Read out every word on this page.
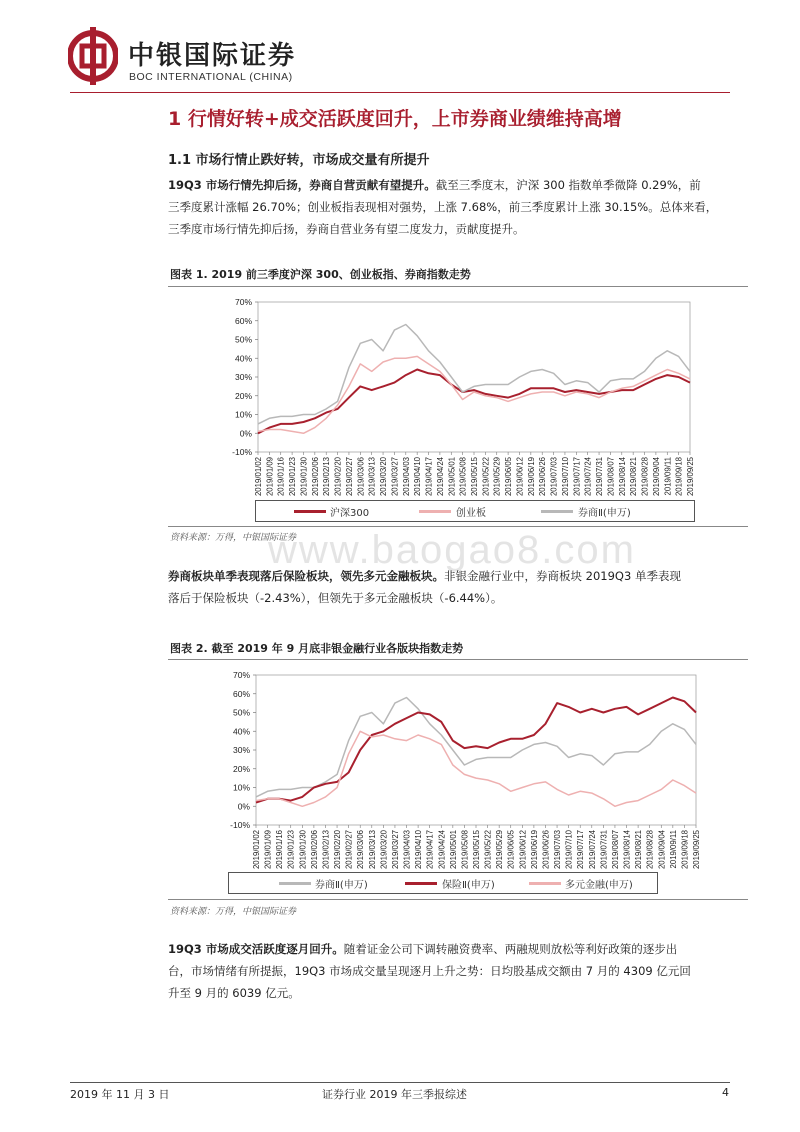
中银国际证券
BOC INTERNATIONAL (CHINA)
1 行情好转+成交活跃度回升，上市券商业绩维持高增
1.1 市场行情止跌好转，市场成交量有所提升
19Q3 市场行情先抑后扬，券商自营贡献有望提升。截至三季度末，沪深 300 指数单季微降 0.29%，前
三季度累计涨幅 26.70%；创业板指表现相对强势，上涨 7.68%，前三季度累计上涨 30.15%。总体来看，
三季度市场行情先抑后扬，券商自营业务有望二度发力，贡献度提升。
图表 1. 2019 前三季度沪深 300、创业板指、券商指数走势
70%
60%
50%
40%
30%
20%
10%
0%
-10%
2019/01/02 2019/01/09 2019/01/16 2019/01/23 2019/01/30 2019/02/06 2019/02/13 2019/02/20 2019/02/27 2019/03/06 2019/03/13 2019/03/20 2019/03/27 2019/04/03 2019/04/10 2019/04/17 2019/04/24 2019/05/01 2019/05/08 2019/05/15 2019/05/22 2019/05/29 2019/06/05 2019/06/12 2019/06/19 2019/06/26 2019/07/03 2019/07/10 2019/07/17 2019/07/24 2019/07/31 2019/08/07 2019/08/14 2019/08/21 2019/08/28 2019/09/04 2019/09/11 2019/09/18 2019/09/25
沪深300	创业板	券商Ⅱ(申万)
资料来源：万得，中银国际证券
www.baogao8.com
券商板块单季表现落后保险板块，领先多元金融板块。非银金融行业中，券商板块 2019Q3 单季表现
落后于保险板块（-2.43%），但领先于多元金融板块（-6.44%）。
图表 2. 截至 2019 年 9 月底非银金融行业各版块指数走势
70%
60%
50%
40%
30%
20%
10%
0%
-10%
2019/01/02 2019/01/09 2019/01/16 2019/01/23 2019/01/30 2019/02/06 2019/02/13 2019/02/20 2019/02/27 2019/03/06 2019/03/13 2019/03/20 2019/03/27 2019/04/03 2019/04/10 2019/04/17 2019/04/24 2019/05/01 2019/05/08 2019/05/15 2019/05/22 2019/05/29 2019/06/05 2019/06/12 2019/06/19 2019/06/26 2019/07/03 2019/07/10 2019/07/17 2019/07/24 2019/07/31 2019/08/07 2019/08/14 2019/08/21 2019/08/28 2019/09/04 2019/09/11 2019/09/18 2019/09/25
券商Ⅱ(申万)	保险Ⅱ(申万)	多元金融(申万)
资料来源：万得，中银国际证券
19Q3 市场成交活跃度逐月回升。随着证金公司下调转融资费率、两融规则放松等利好政策的逐步出
台，市场情绪有所提振，19Q3 市场成交量呈现逐月上升之势：日均股基成交额由 7 月的 4309 亿元回
升至 9 月的 6039 亿元。
2019 年 11 月 3 日	证券行业 2019 年三季报综述	4
